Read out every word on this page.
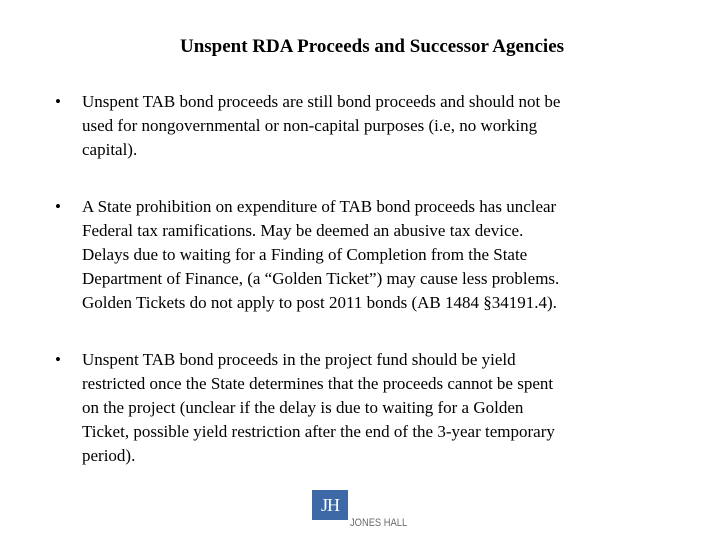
Unspent RDA Proceeds and Successor Agencies
•	Unspent TAB bond proceeds are still bond proceeds and should not be
used for nongovernmental or non-capital purposes (i.e, no working
capital).
•	A State prohibition on expenditure of TAB bond proceeds has unclear
Federal tax ramifications. May be deemed an abusive tax device.
Delays due to waiting for a Finding of Completion from the State
Department of Finance, (a “Golden Ticket”) may cause less problems.
Golden Tickets do not apply to post 2011 bonds (AB 1484 §34191.4).
•	Unspent TAB bond proceeds in the project fund should be yield
restricted once the State determines that the proceeds cannot be spent
on the project (unclear if the delay is due to waiting for a Golden
Ticket, possible yield restriction after the end of the 3-year temporary
period).
JH
JONES HALL
